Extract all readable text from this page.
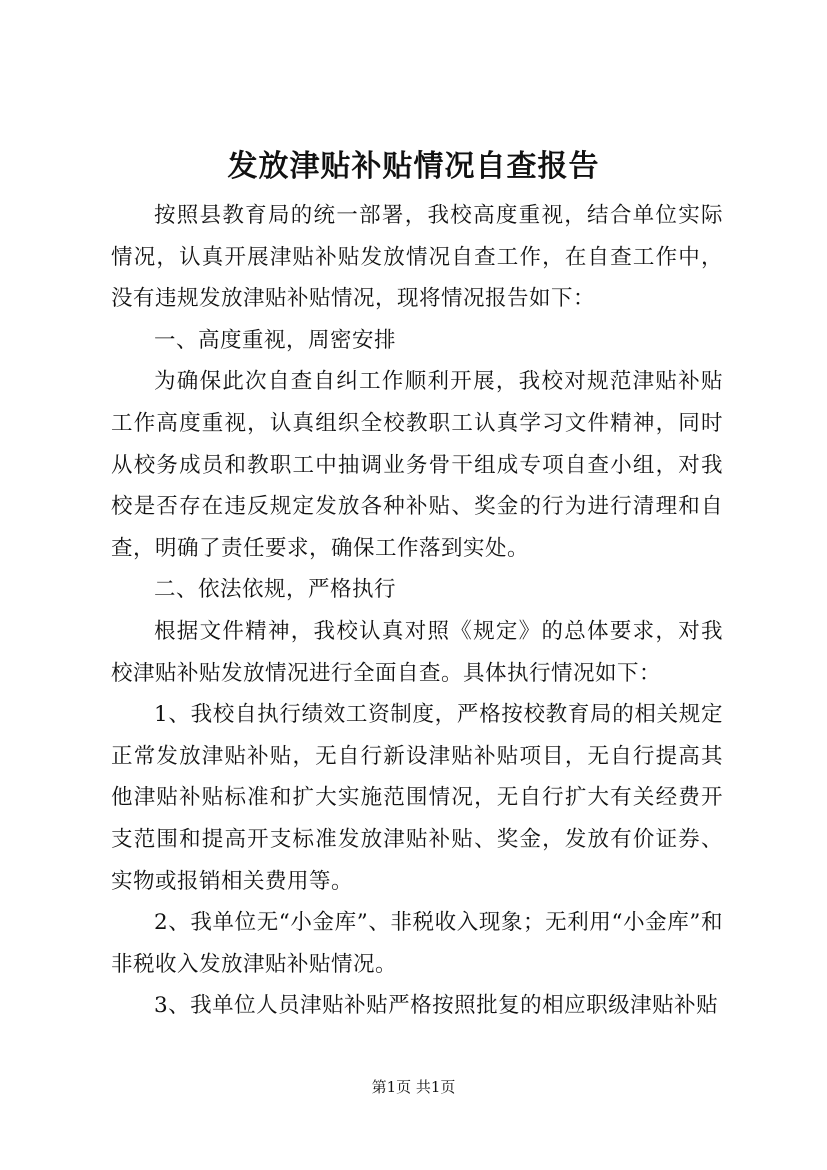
发放津贴补贴情况自查报告

按照县教育局的统一部署，我校高度重视，结合单位实际情况，认真开展津贴补贴发放情况自查工作，在自查工作中，没有违规发放津贴补贴情况，现将情况报告如下：

一、高度重视，周密安排

为确保此次自查自纠工作顺利开展，我校对规范津贴补贴工作高度重视，认真组织全校教职工认真学习文件精神，同时从校务成员和教职工中抽调业务骨干组成专项自查小组，对我校是否存在违反规定发放各种补贴、奖金的行为进行清理和自查，明确了责任要求，确保工作落到实处。

二、依法依规，严格执行

根据文件精神，我校认真对照《规定》的总体要求，对我校津贴补贴发放情况进行全面自查。具体执行情况如下：

1、我校自执行绩效工资制度，严格按校教育局的相关规定正常发放津贴补贴，无自行新设津贴补贴项目，无自行提高其他津贴补贴标准和扩大实施范围情况，无自行扩大有关经费开支范围和提高开支标准发放津贴补贴、奖金，发放有价证券、实物或报销相关费用等。

2、我单位无“小金库”、非税收入现象；无利用“小金库”和非税收入发放津贴补贴情况。

3、我单位人员津贴补贴严格按照批复的相应职级津贴补贴

第1页 共1页
